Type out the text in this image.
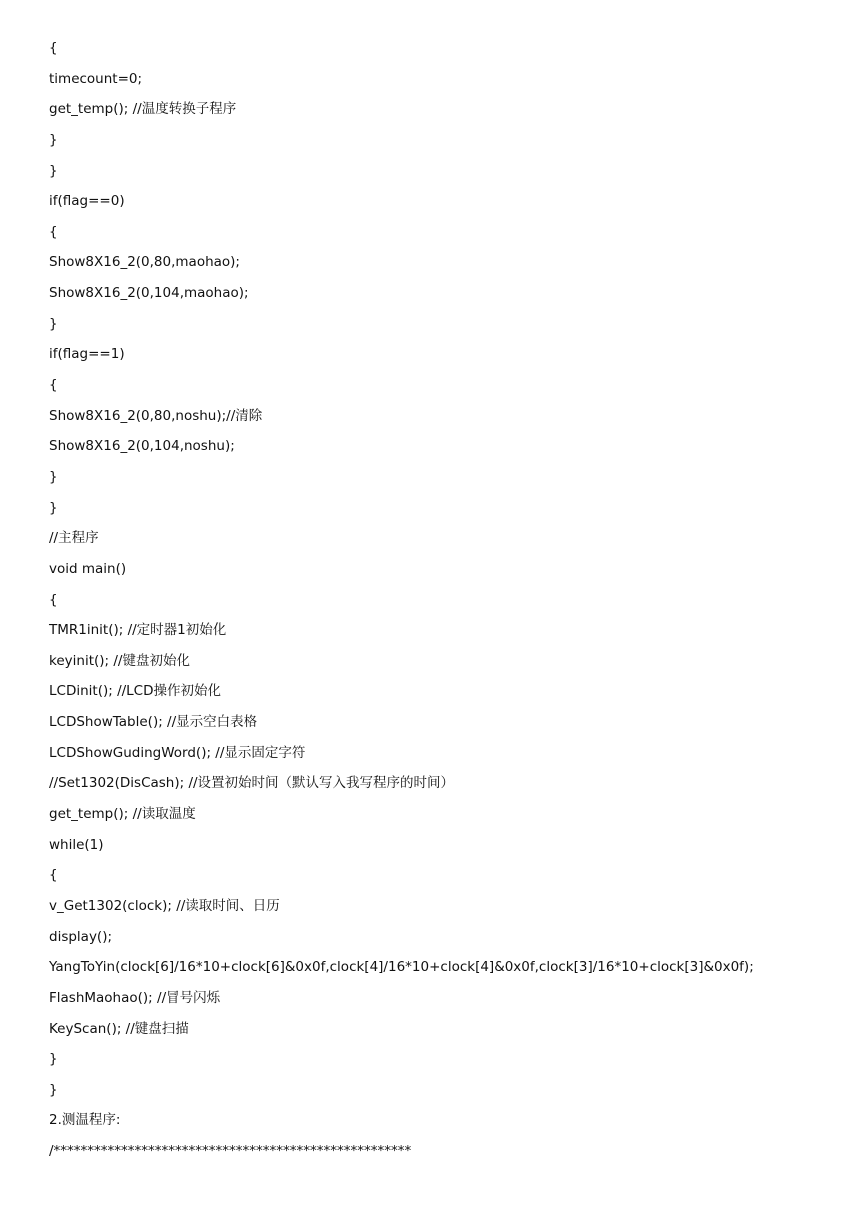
{
timecount=0;
get_temp(); //温度转换子程序
}
}
if(flag==0)
{
Show8X16_2(0,80,maohao);
Show8X16_2(0,104,maohao);
}
if(flag==1)
{
Show8X16_2(0,80,noshu);//清除
Show8X16_2(0,104,noshu);
}
}
//主程序
void main()
{
TMR1init(); //定时器1初始化
keyinit(); //键盘初始化
LCDinit(); //LCD操作初始化
LCDShowTable(); //显示空白表格
LCDShowGudingWord(); //显示固定字符
//Set1302(DisCash); //设置初始时间（默认写入我写程序的时间）
get_temp(); //读取温度
while(1)
{
v_Get1302(clock); //读取时间、日历
display();
YangToYin(clock[6]/16*10+clock[6]&0x0f,clock[4]/16*10+clock[4]&0x0f,clock[3]/16*10+clock[3]&0x0f);
FlashMaohao(); //冒号闪烁
KeyScan(); //键盘扫描
}
}
2.测温程序:
/*****************************************************
